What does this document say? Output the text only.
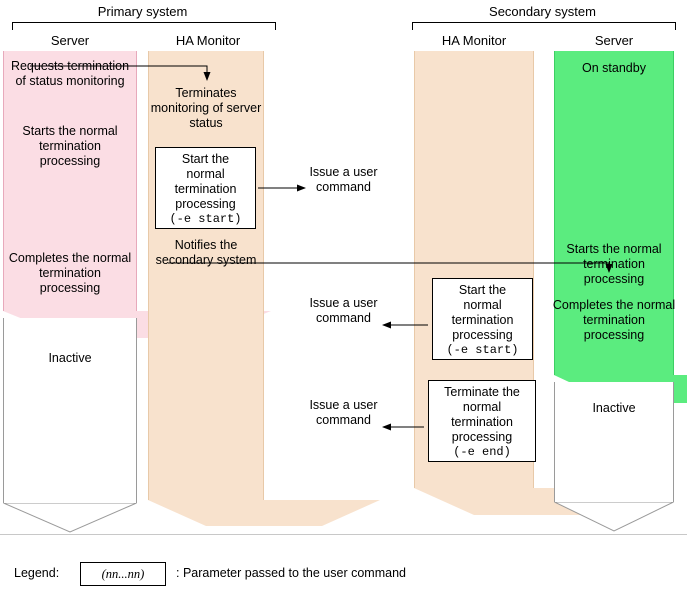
Primary system	Secondary system
Server	HA Monitor	HA Monitor	Server
Requests termination of status monitoring
Starts the normal termination processing
Completes the normal termination processing
Inactive
Terminates monitoring of server status
Start the
normal
termination
processing
(-e start)
Issue a user command
Notifies the secondary system
Start the
normal
termination
processing
(-e start)
Issue a user command
Terminate the
normal
termination
processing
(-e end)
Issue a user command
On standby
Starts the normal termination processing
Completes the normal termination processing
Inactive
Legend:	(nn...nn)	: Parameter passed to the user command
